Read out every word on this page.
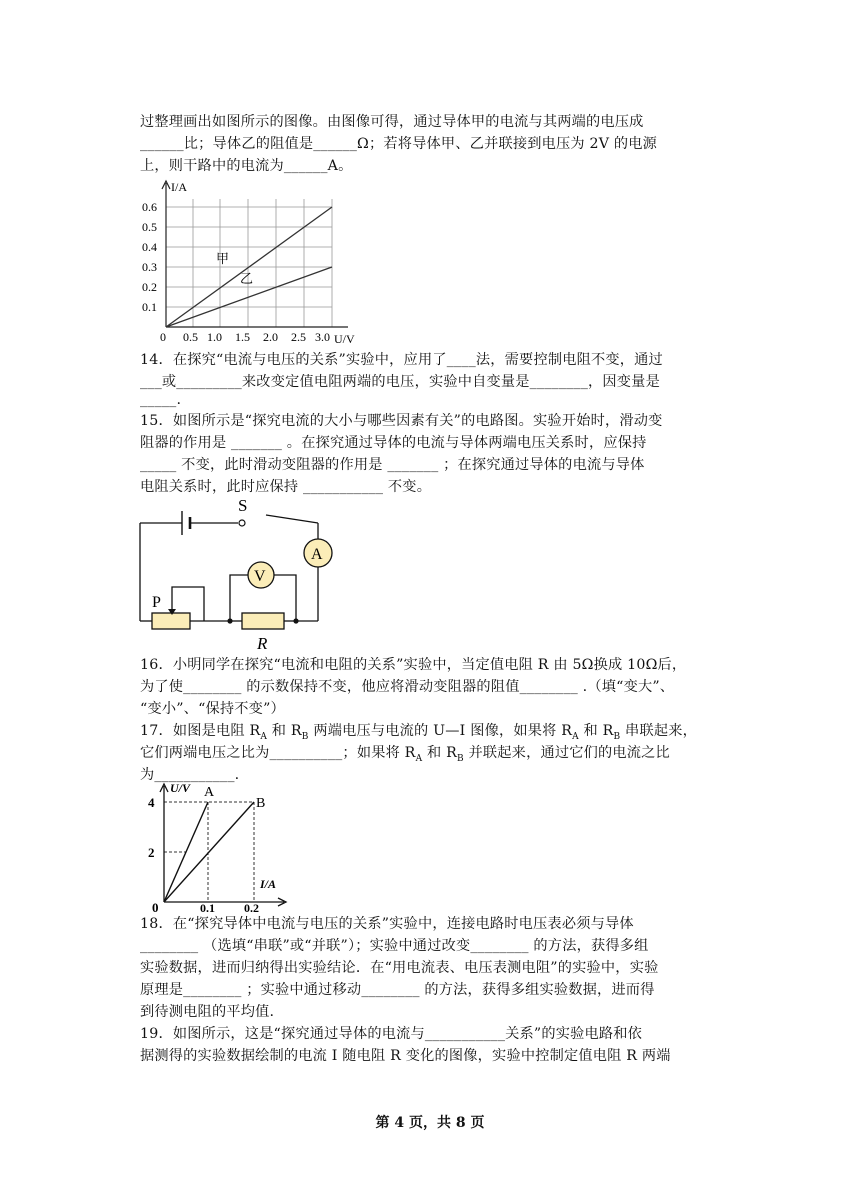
过整理画出如图所示的图像。由图像可得，通过导体甲的电流与其两端的电压成
______比；导体乙的阻值是______Ω；若将导体甲、乙并联接到电压为 2V 的电源
上，则干路中的电流为______A。
I/A
0.6
0.5
0.4
0.3
0.2
0.1
0 0.5 1.0 1.5 2.0 2.5 3.0 U/V
甲
乙
14．在探究“电流与电压的关系”实验中，应用了____法，需要控制电阻不变，通过
___或_________来改变定值电阻两端的电压，实验中自变量是________，因变量是
_____.
15．如图所示是“探究电流的大小与哪些因素有关”的电路图。实验开始时，滑动变
阻器的作用是 _______ 。在探究通过导体的电流与导体两端电压关系时，应保持
_____ 不变，此时滑动变阻器的作用是 _______ ；在探究通过导体的电流与导体
电阻关系时，此时应保持 ___________ 不变。
S
A
V
P
R
16．小明同学在探究“电流和电阻的关系”实验中，当定值电阻 R 由 5Ω换成 10Ω后，
为了使________ 的示数保持不变，他应将滑动变阻器的阻值________ .（填“变大”、
“变小”、“保持不变”）
17．如图是电阻 $R_A$ 和 $R_B$ 两端电压与电流的 U—I 图像，如果将 $R_A$ 和 $R_B$ 串联起来，
它们两端电压之比为__________；如果将 $R_A$ 和 $R_B$ 并联起来，通过它们的电流之比
为___________.
U/V
4
2
0	0.1 0.2
I/A
A
B
18．在“探究导体中电流与电压的关系”实验中，连接电路时电压表必须与导体
________ （选填“串联”或“并联”）；实验中通过改变________ 的方法，获得多组
实验数据，进而归纳得出实验结论．在“用电流表、电压表测电阻”的实验中，实验
原理是________ ；实验中通过移动________ 的方法，获得多组实验数据，进而得
到待测电阻的平均值.
19．如图所示，这是“探究通过导体的电流与___________关系”的实验电路和依
据测得的实验数据绘制的电流 I 随电阻 R 变化的图像，实验中控制定值电阻 R 两端
第 4 页，共 8 页
